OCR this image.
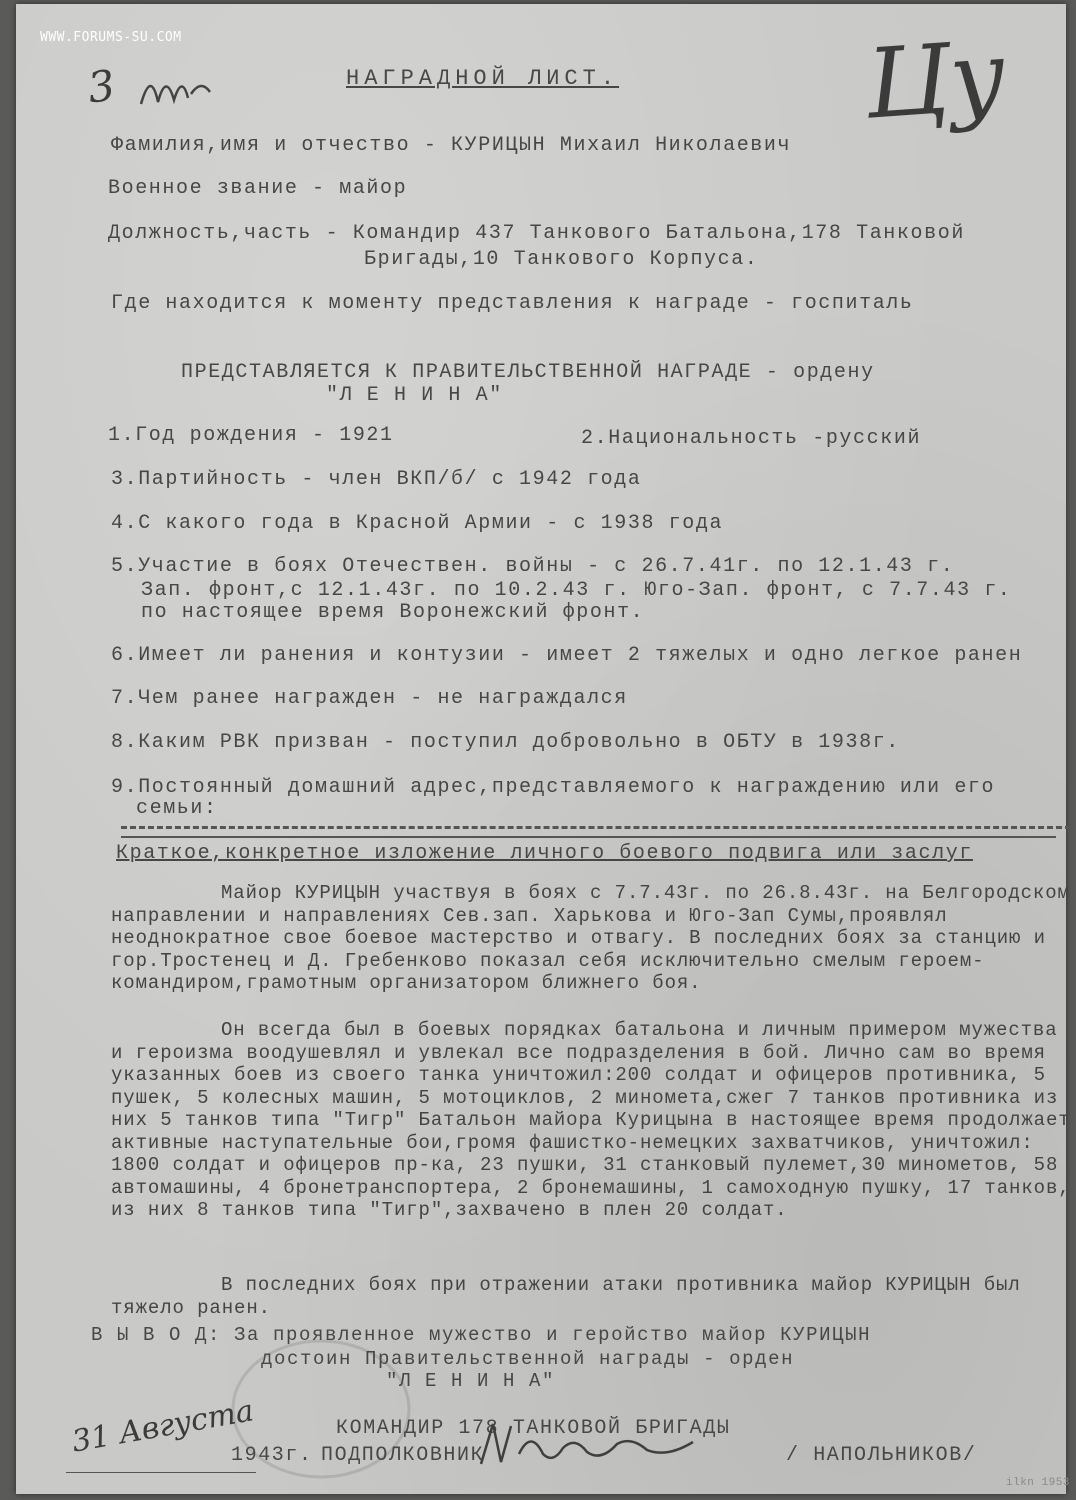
3	Цу
НАГРАДНОЙ ЛИСТ.
Фамилия,имя и отчество - КУРИЦЫН Михаил Николаевич
Военное звание - майор
Должность,часть - Командир 437 Танкового Батальона,178 Танковой
Бригады,10 Танкового Корпуса.
Где находится к моменту представления к награде - госпиталь
ПРЕДСТАВЛЯЕТСЯ К ПРАВИТЕЛЬСТВЕННОЙ НАГРАДЕ - ордену
"Л Е Н И Н А"
1.Год рождения - 1921	2.Национальность -русский
3.Партийность - член ВКП/б/ с 1942 года
4.С какого года в Красной Армии - с 1938 года
5.Участие в боях Отечествен. войны - с 26.7.41г. по 12.1.43 г.
Зап. фронт,с 12.1.43г. по 10.2.43 г. Юго-Зап. фронт, с 7.7.43 г.
по настоящее время Воронежский фронт.
6.Имеет ли ранения и контузии - имеет 2 тяжелых и одно легкое ранен
7.Чем ранее награжден - не награждался
8.Каким РВК призван - поступил добровольно в ОБТУ в 1938г.
9.Постоянный домашний адрес,представляемого к награждению или его
семьи:
Краткое,конкретное изложение личного боевого подвига или заслуг
Майор КУРИЦЫН участвуя в боях с 7.7.43г. по 26.8.43г. на Белгородском направлении и направлениях Сев.зап. Харькова и Юго-Зап Сумы,проявлял неоднократное свое боевое мастерство и отвагу. В последних боях за станцию и гор.Тростенец и Д. Гребенково показал себя исключительно смелым героем-командиром,грамотным организатором ближнего боя.
Он всегда был в боевых порядках батальона и личным примером мужества и героизма воодушевлял и увлекал все подразделения в бой. Лично сам во время указанных боев из своего танка уничтожил:200 солдат и офицеров противника, 5 пушек, 5 колесных машин, 5 мотоциклов, 2 миномета,сжег 7 танков противника из них 5 танков типа "Тигр" Батальон майора Курицына в настоящее время продолжает активные наступательные бои,громя фашистко-немецких захватчиков, уничтожил: 1800 солдат и офицеров пр-ка, 23 пушки, 31 станковый пулемет,30 минометов, 58 автомашины, 4 бронетранспортера, 2 бронемашины, 1 самоходную пушку, 17 танков, из них 8 танков типа "Тигр",захвачено в плен 20 солдат.
В последних боях при отражении атаки противника майор КУРИЦЫН был тяжело ранен.
В Ы В О Д: За проявленное мужество и геройство майор КУРИЦЫН
достоин Правительственной награды - орден
"Л Е Н И Н А"
КОМАНДИР 178 ТАНКОВОЙ БРИГАДЫ
31 Августа
1943г. ПОДПОЛКОВНИК	/ НАПОЛЬНИКОВ/
ilkn 1953
WWW.FORUMS-SU.COM
